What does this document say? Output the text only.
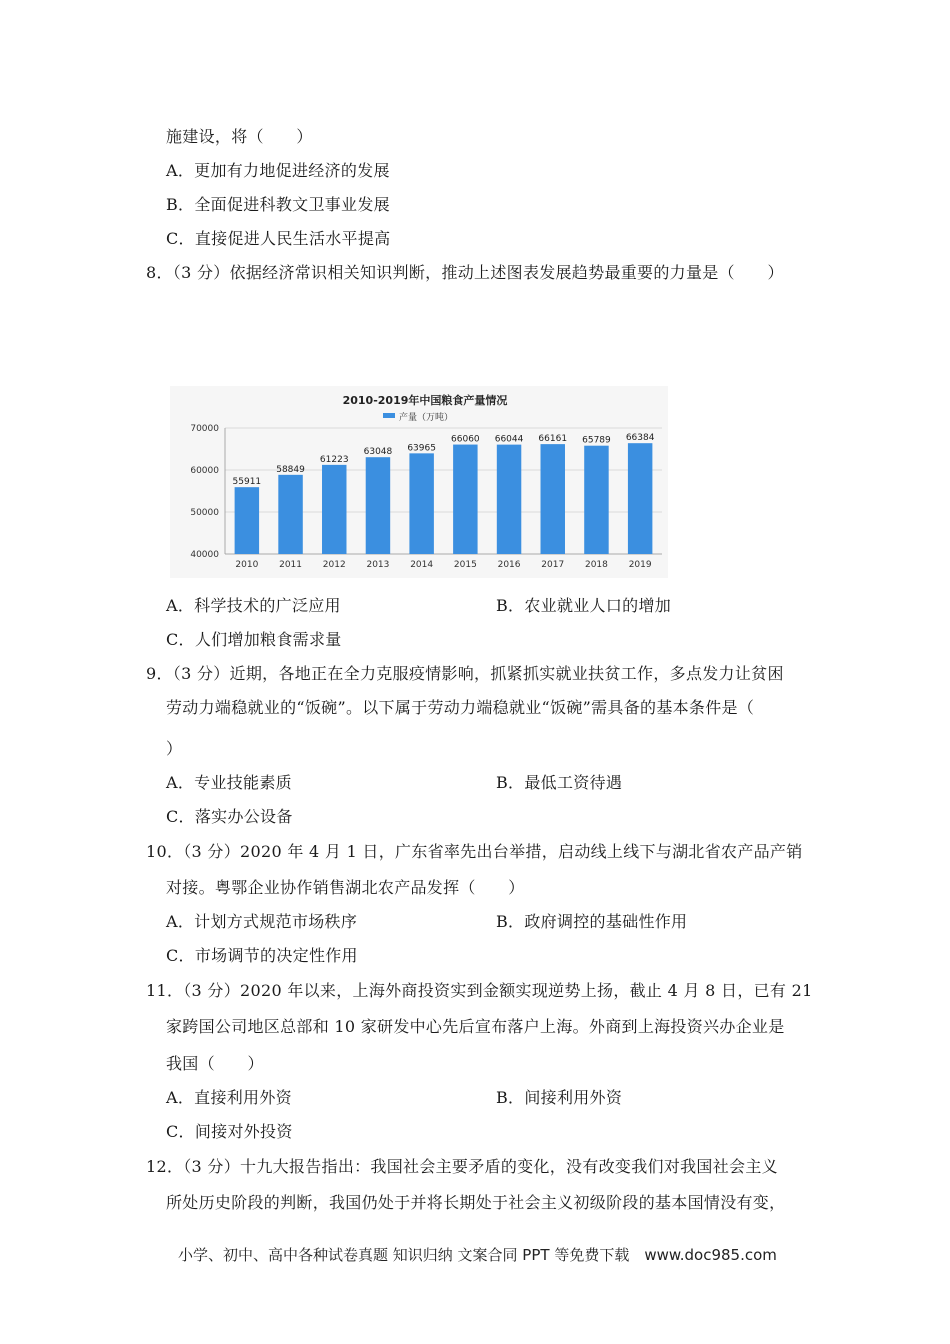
施建设，将（　　）
A．更加有力地促进经济的发展
B．全面促进科教文卫事业发展
C．直接促进人民生活水平提高
8．（3 分）依据经济常识相关知识判断，推动上述图表发展趋势最重要的力量是（　　）
2010-2019年中国粮食产量情况
产量（万吨）
40000
50000
60000
70000
55911
2010
58849
2011
61223
2012
63048
2013
63965
2014
66060
2015
66044
2016
66161
2017
65789
2018
66384
2019
A．科学技术的广泛应用	B．农业就业人口的增加
C．人们增加粮食需求量
9．（3 分）近期，各地正在全力克服疫情影响，抓紧抓实就业扶贫工作，多点发力让贫困
劳动力端稳就业的“饭碗”。以下属于劳动力端稳就业“饭碗”需具备的基本条件是（
）
A．专业技能素质	B．最低工资待遇
C．落实办公设备
10．（3 分）2020 年 4 月 1 日，广东省率先出台举措，启动线上线下与湖北省农产品产销
对接。粤鄂企业协作销售湖北农产品发挥（　　）
A．计划方式规范市场秩序	B．政府调控的基础性作用
C．市场调节的决定性作用
11．（3 分）2020 年以来，上海外商投资实到金额实现逆势上扬，截止 4 月 8 日，已有 21
家跨国公司地区总部和 10 家研发中心先后宣布落户上海。外商到上海投资兴办企业是
我国（　　）
A．直接利用外资	B．间接利用外资
C．间接对外投资
12．（3 分）十九大报告指出：我国社会主要矛盾的变化，没有改变我们对我国社会主义
所处历史阶段的判断，我国仍处于并将长期处于社会主义初级阶段的基本国情没有变，
小学、初中、高中各种试卷真题 知识归纳 文案合同 PPT 等免费下载　www.doc985.com
